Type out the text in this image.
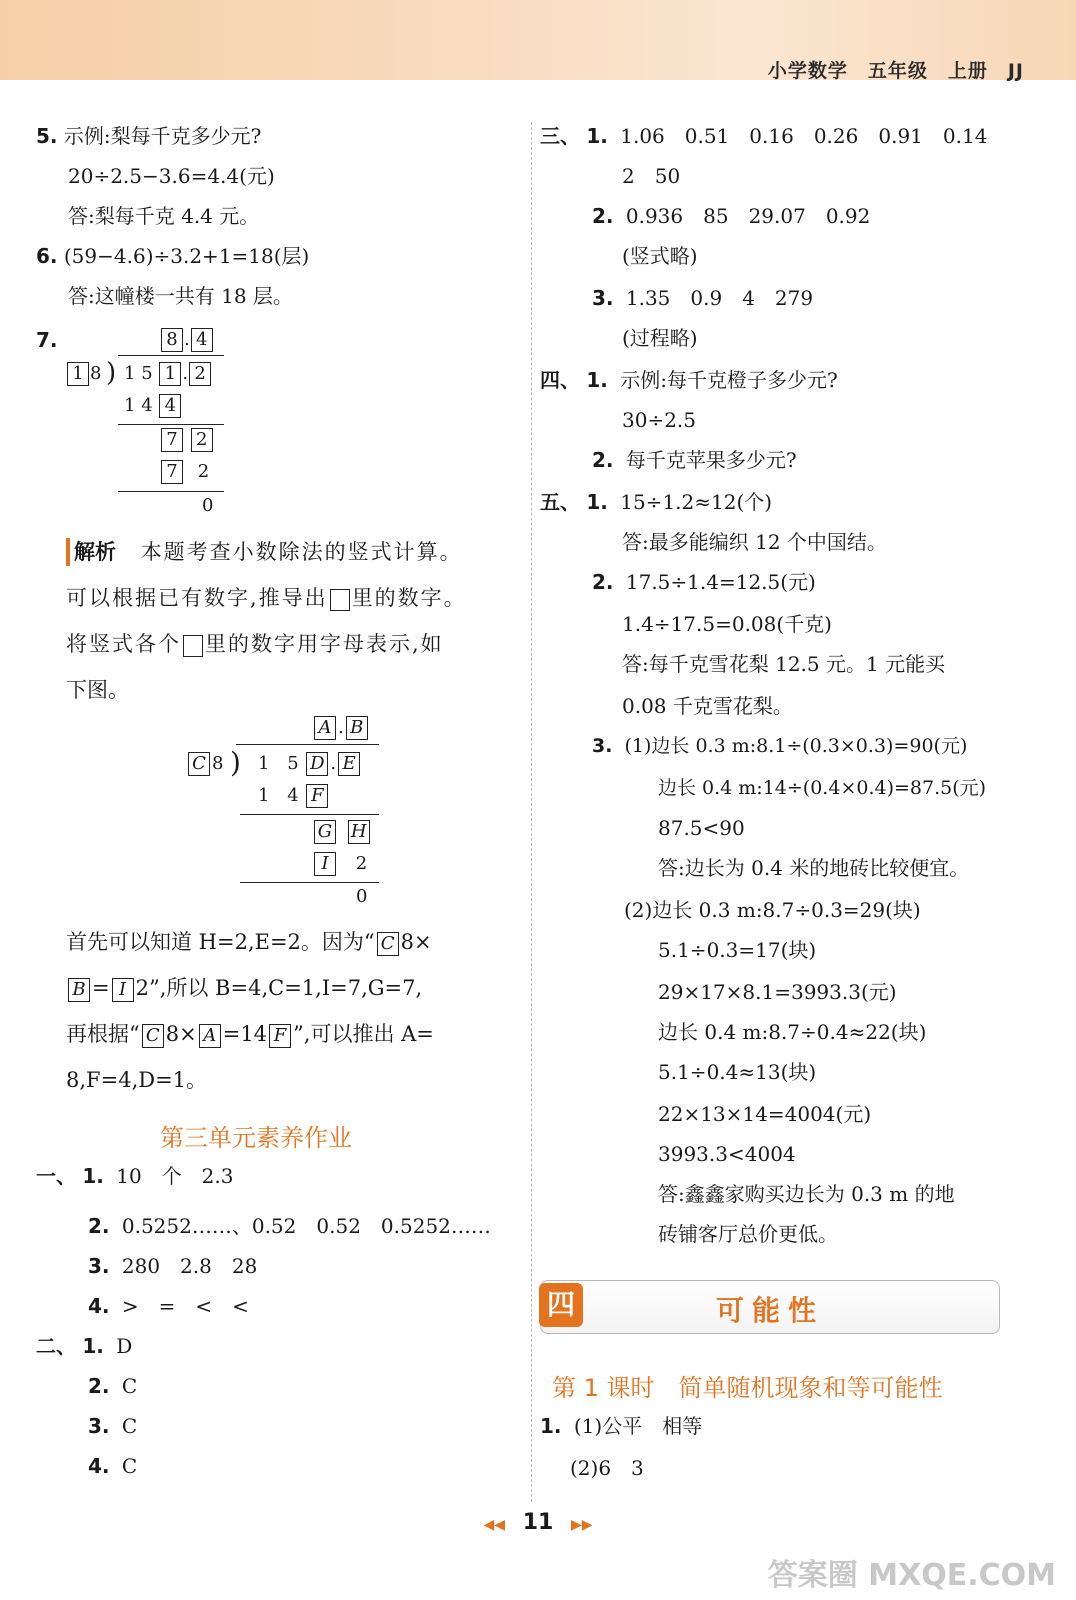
小学数学　五年级　上册　JJ
5. 示例:梨每千克多少元?
20÷2.5−3.6=4.4(元)
答:梨每千克 4.4 元。
6. (59−4.6)÷3.2+1=18(层)
答:这幢楼一共有 18 层。
7.	8 . 4
1 8 ) 1 5 1 . 2
1 4 4
7 2
7 2
0
解析 本题考查小数除法的竖式计算。
可以根据已有数字,推导出 里的数字。
将竖式各个 里的数字用字母表示,如
下图。
A . B
C 8 ) 1 5 D . E
1 4 F
G H
I 2
0
首先可以知道 H=2,E=2。因为“ C 8×
B = I 2”,所以 B=4,C=1,I=7,G=7,
再根据“ C 8× A =14 F ”,可以推出 A=
8,F=4,D=1。
第三单元素养作业
一、 1. 10　个　2.3
2. 0.5252……、0.52　0.52　0.5252……
3. 280　2.8　28
4. >　=　<　<
二、 1. D
2. C
3. C
4. C
三、 1. 1.06　0.51　0.16　0.26　0.91　0.14
2　50
2. 0.936　85　29.07　0.92
(竖式略)
3. 1.35　0.9　4　279
(过程略)
四、 1. 示例:每千克橙子多少元?
30÷2.5
2. 每千克苹果多少元?
五、 1. 15÷1.2≈12(个)
答:最多能编织 12 个中国结。
2. 17.5÷1.4=12.5(元)
1.4÷17.5=0.08(千克)
答:每千克雪花梨 12.5 元。1 元能买
0.08 千克雪花梨。
3. (1)边长 0.3 m:8.1÷(0.3×0.3)=90(元)
边长 0.4 m:14÷(0.4×0.4)=87.5(元)
87.5<90
答:边长为 0.4 米的地砖比较便宜。
(2)边长 0.3 m:8.7÷0.3=29(块)
5.1÷0.3=17(块)
29×17×8.1=3993.3(元)
边长 0.4 m:8.7÷0.4≈22(块)
5.1÷0.4≈13(块)
22×13×14=4004(元)
3993.3<4004
答:鑫鑫家购买边长为 0.3 m 的地
砖铺客厅总价更低。
四	可能性
第 1 课时　简单随机现象和等可能性
1. (1)公平　相等
(2)6　3
◀◀ 11 ▶▶
答案圈 MXQE.COM
